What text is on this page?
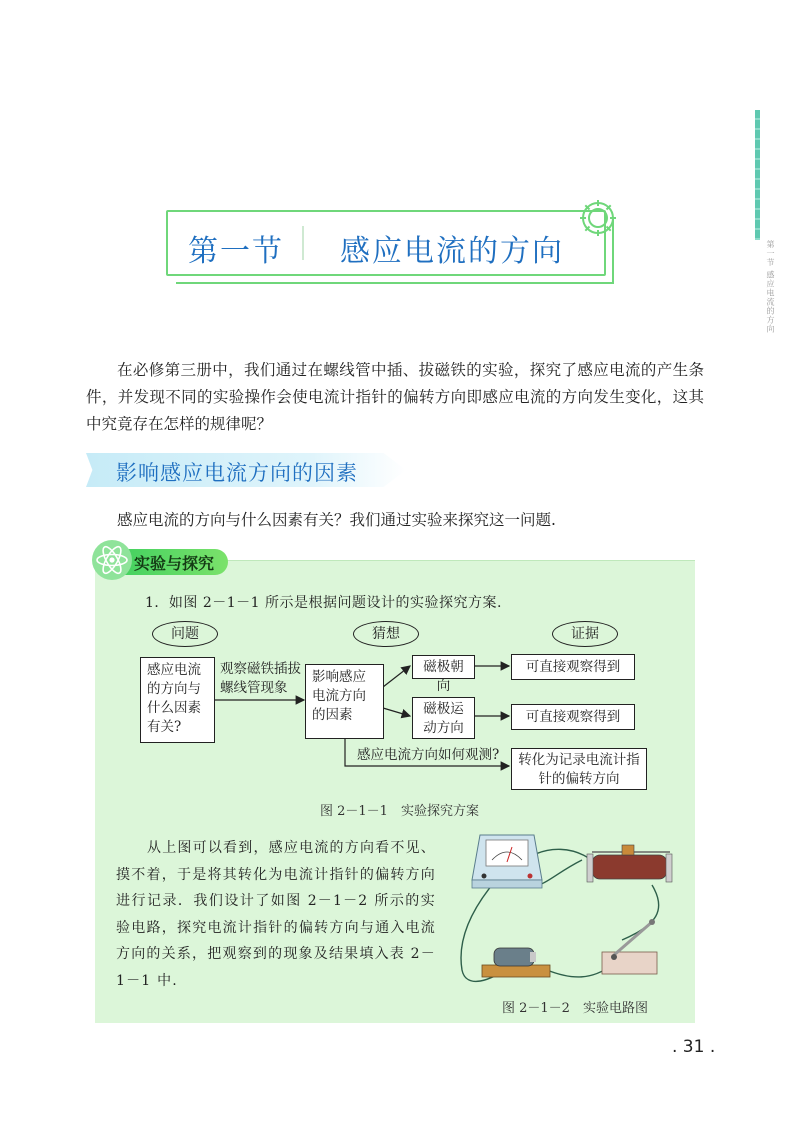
第一节 感应电流的方向
第一节 感应电流的方向
在必修第三册中，我们通过在螺线管中插、拔磁铁的实验，探究了感应电流的产生条件，并发现不同的实验操作会使电流计指针的偏转方向即感应电流的方向发生变化，这其中究竟存在怎样的规律呢？
影响感应电流方向的因素
感应电流的方向与什么因素有关？我们通过实验来探究这一问题.
实验与探究
1．如图 2－1－1 所示是根据问题设计的实验探究方案.
问题	猜想	证据
感应电流的方向与什么因素有关?
观察磁铁插拔螺线管现象
影响感应电流方向的因素
磁极朝向
磁极运动方向
可直接观察得到
可直接观察得到
感应电流方向如何观测?	转化为记录电流计指针的偏转方向
图 2－1－1　实验探究方案
从上图可以看到，感应电流的方向看不见、摸不着，于是将其转化为电流计指针的偏转方向进行记录．我们设计了如图 2－1－2 所示的实验电路，探究电流计指针的偏转方向与通入电流方向的关系，把观察到的现象及结果填入表 2－1－1 中.
图 2－1－2　实验电路图
. 31 .
